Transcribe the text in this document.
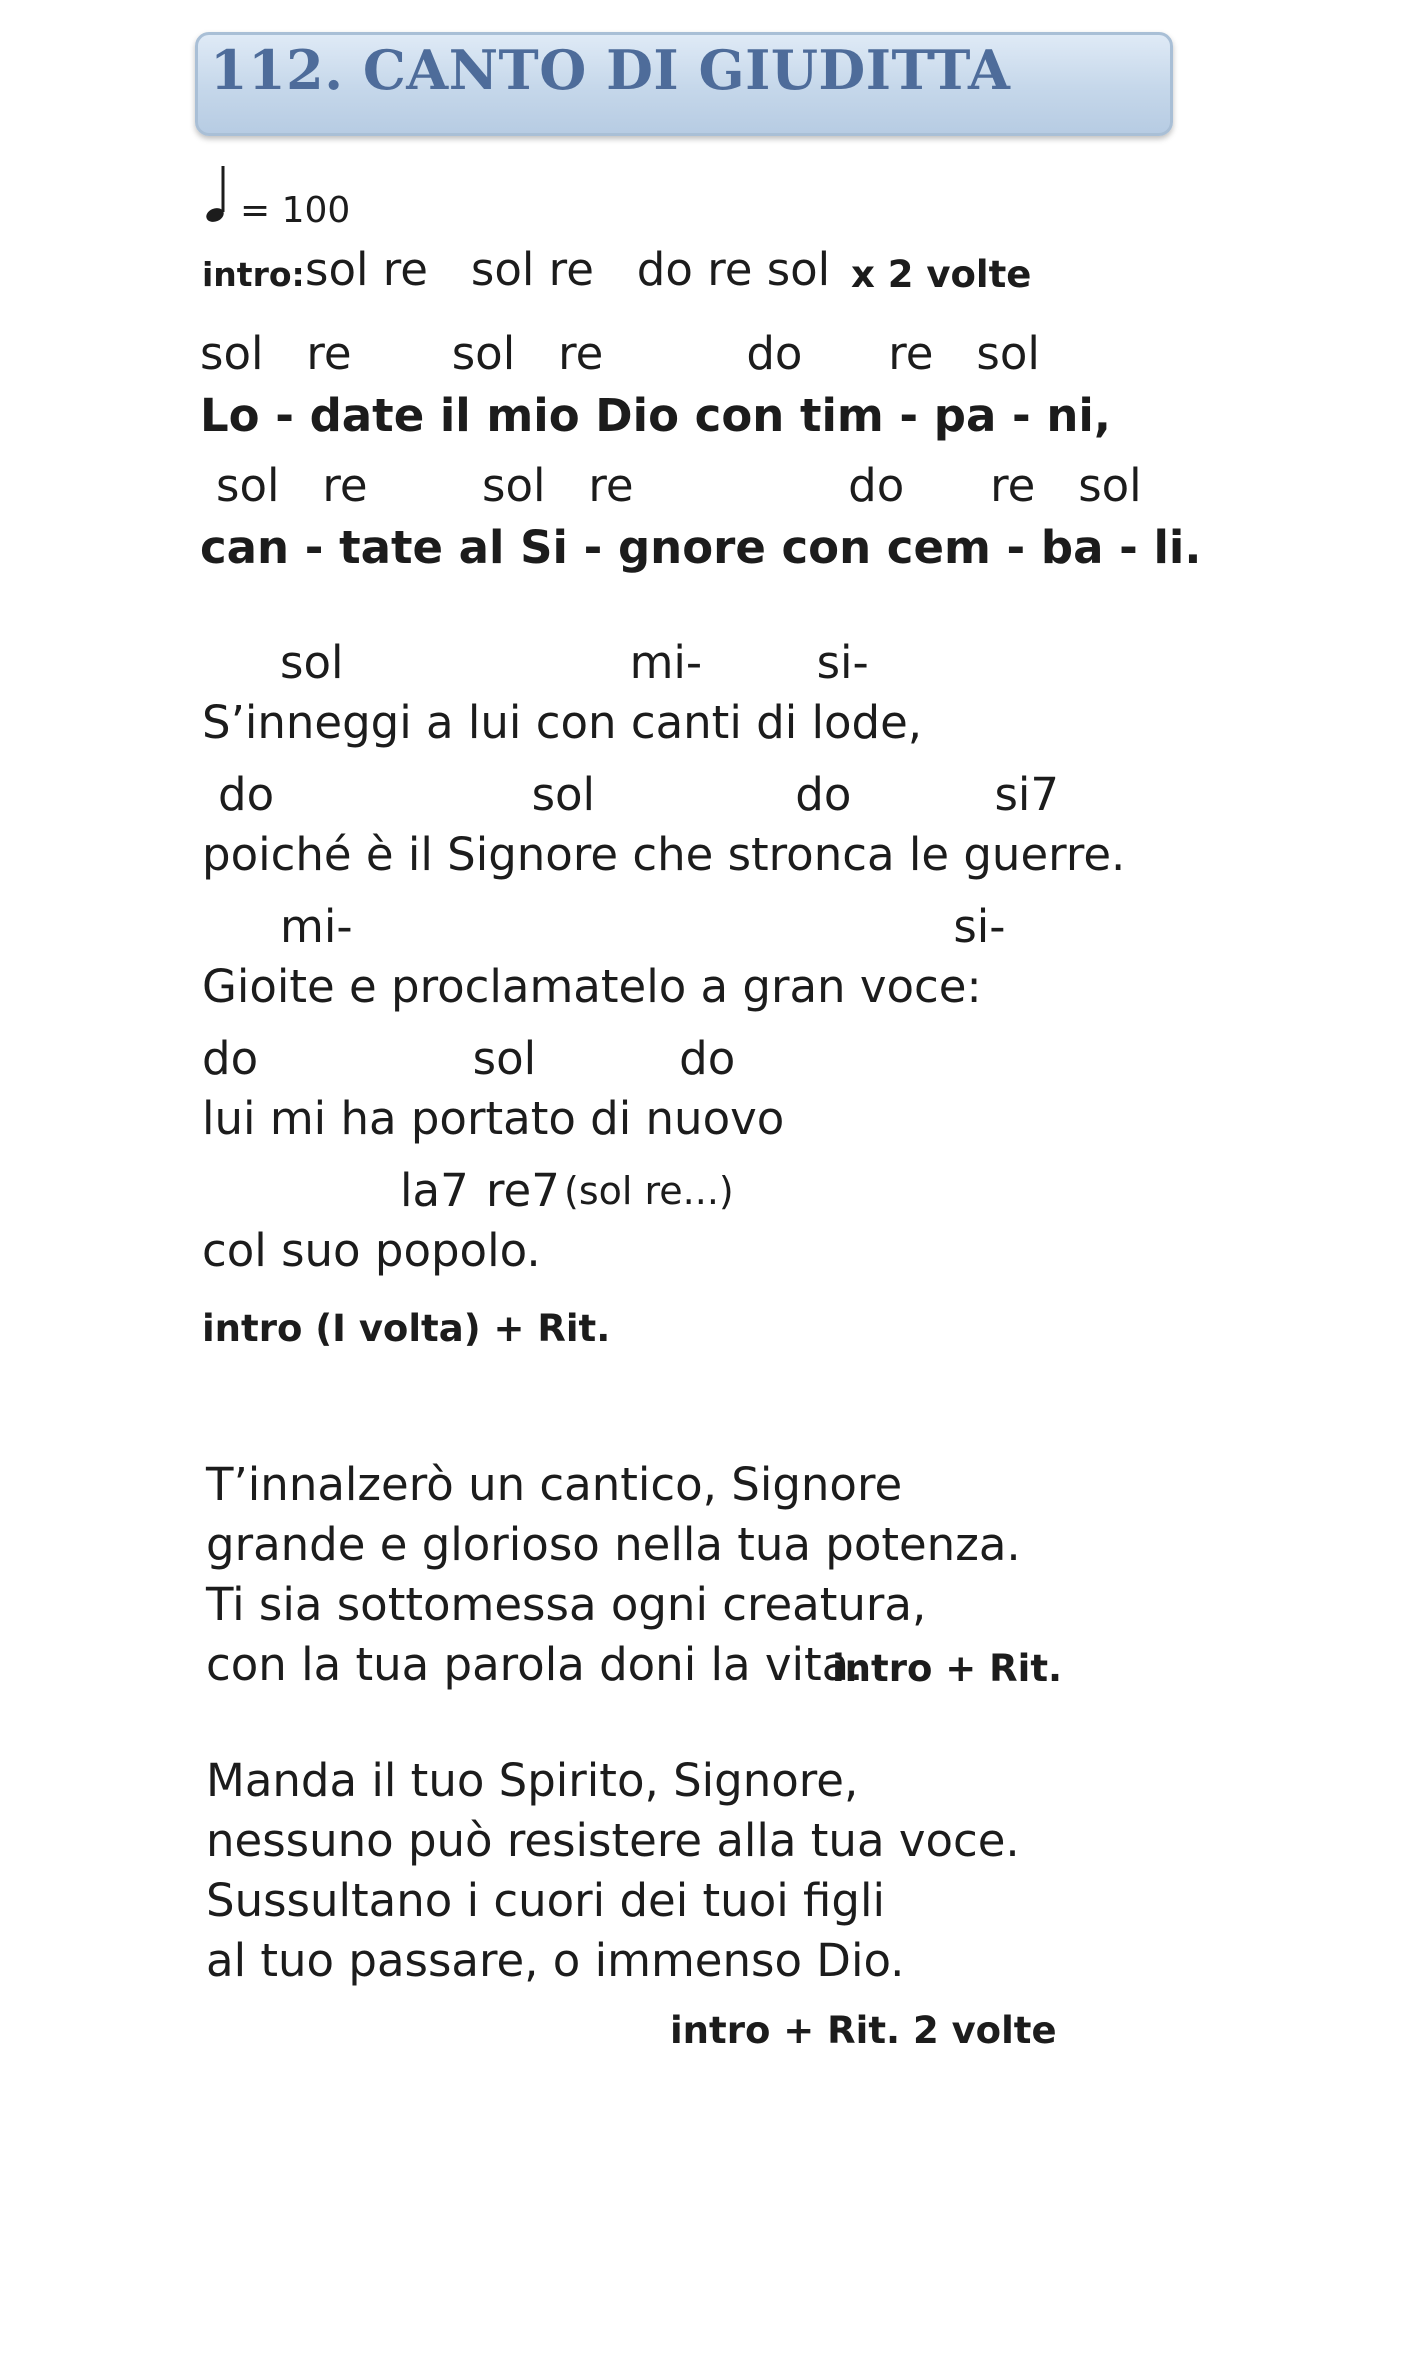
112. CANTO DI GIUDITTA
= 100
intro: sol re   sol re   do re sol x 2 volte
sol   re       sol   re          do      re   sol
Lo - date il mio Dio con tim - pa - ni,
sol   re        sol   re               do      re   sol
can - tate al Si - gnore con cem - ba - li.
sol                    mi-        si-
S’inneggi a lui con canti di lode,
do                  sol              do          si7
poiché è il Signore che stronca le guerre.
mi-                                          si-
Gioite e proclamatelo a gran voce:
do               sol          do
lui mi ha portato di nuovo
la7 re7 (sol re...)
col suo popolo.
intro (I volta) + Rit.
T’innalzerò un cantico, Signore
grande e glorioso nella tua potenza.
Ti sia sottomessa ogni creatura,
con la tua parola doni la vita.
intro + Rit.
Manda il tuo Spirito, Signore,
nessuno può resistere alla tua voce.
Sussultano i cuori dei tuoi figli
al tuo passare, o immenso Dio.
intro + Rit. 2 volte
